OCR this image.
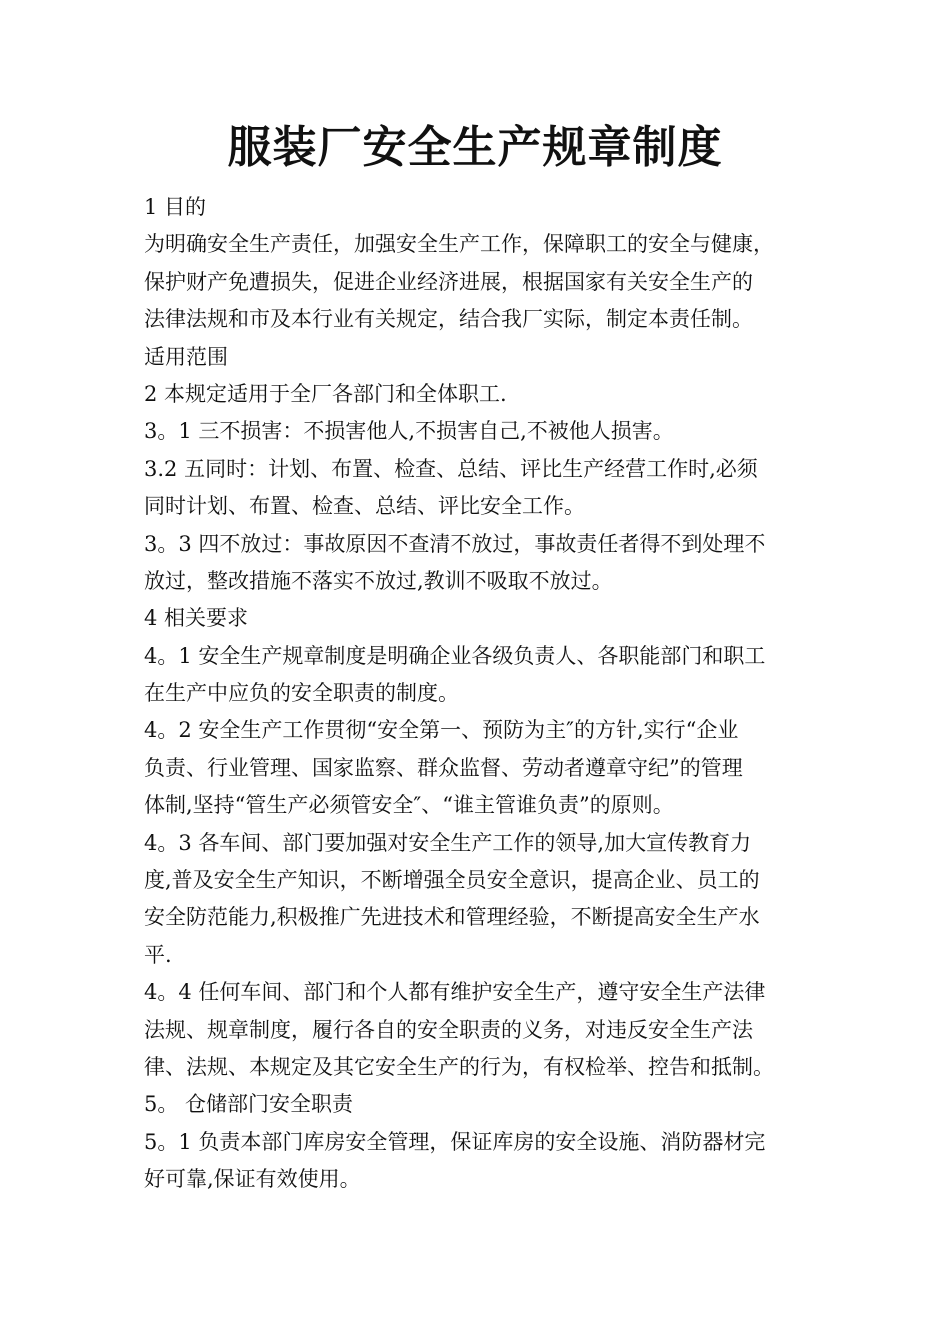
服装厂安全生产规章制度

1 目的

为明确安全生产责任，加强安全生产工作，保障职工的安全与健康，

保护财产免遭损失，促进企业经济进展，根据国家有关安全生产的

法律法规和市及本行业有关规定，结合我厂实际，制定本责任制。

适用范围

2 本规定适用于全厂各部门和全体职工.

3。1 三不损害：不损害他人,不损害自己,不被他人损害。

3.2 五同时：计划、布置、检查、总结、评比生产经营工作时,必须

同时计划、布置、检查、总结、评比安全工作。

3。3 四不放过：事故原因不查清不放过，事故责任者得不到处理不

放过，整改措施不落实不放过,教训不吸取不放过。

4 相关要求

4。1 安全生产规章制度是明确企业各级负责人、各职能部门和职工

在生产中应负的安全职责的制度。

4。2 安全生产工作贯彻“安全第一、预防为主″的方针,实行“企业

负责、行业管理、国家监察、群众监督、劳动者遵章守纪”的管理

体制,坚持“管生产必须管安全″、“谁主管谁负责”的原则。

4。3 各车间、部门要加强对安全生产工作的领导,加大宣传教育力

度,普及安全生产知识，不断增强全员安全意识，提高企业、员工的

安全防范能力,积极推广先进技术和管理经验，不断提高安全生产水

平.

4。4 任何车间、部门和个人都有维护安全生产，遵守安全生产法律

法规、规章制度，履行各自的安全职责的义务，对违反安全生产法

律、法规、本规定及其它安全生产的行为，有权检举、控告和抵制。

5。 仓储部门安全职责

5。1 负责本部门库房安全管理，保证库房的安全设施、消防器材完

好可靠,保证有效使用。
